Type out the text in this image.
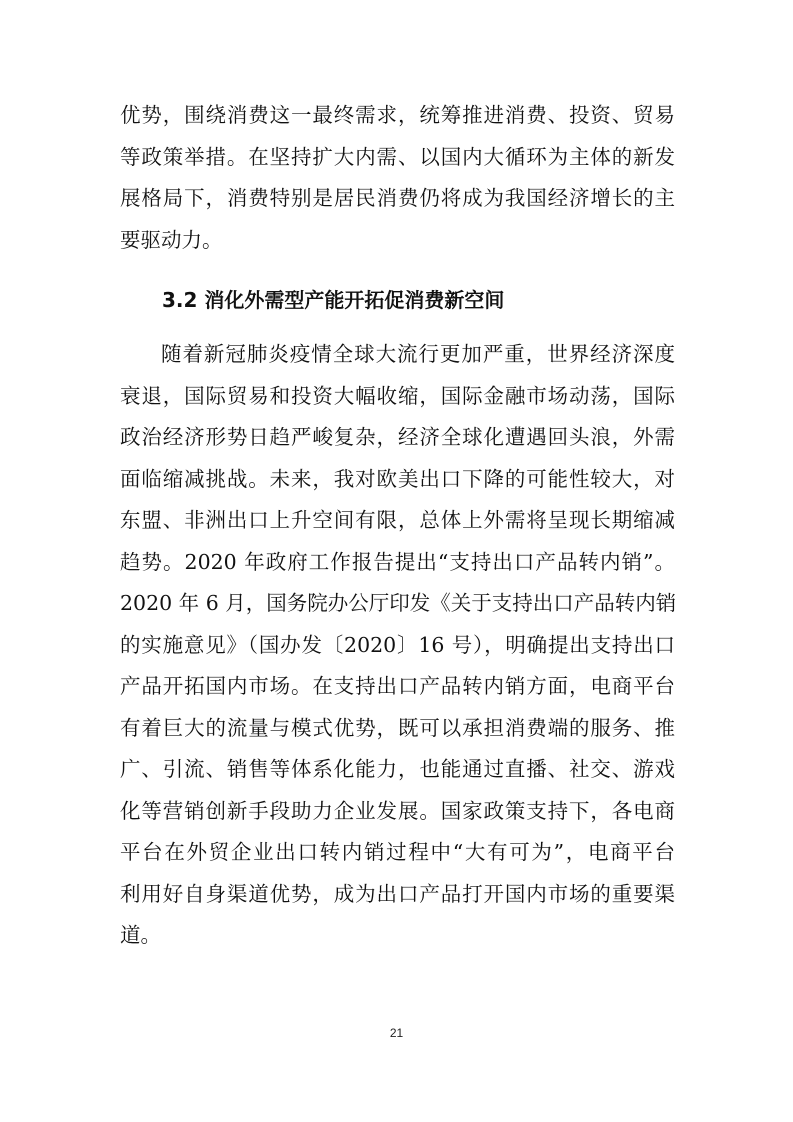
优势，围绕消费这一最终需求，统筹推进消费、投资、贸易
等政策举措。在坚持扩大内需、以国内大循环为主体的新发
展格局下，消费特别是居民消费仍将成为我国经济增长的主
要驱动力。
3.2 消化外需型产能开拓促消费新空间
随着新冠肺炎疫情全球大流行更加严重，世界经济深度
衰退，国际贸易和投资大幅收缩，国际金融市场动荡，国际
政治经济形势日趋严峻复杂，经济全球化遭遇回头浪，外需
面临缩减挑战。未来，我对欧美出口下降的可能性较大，对
东盟、非洲出口上升空间有限，总体上外需将呈现长期缩减
趋势。2020 年政府工作报告提出“支持出口产品转内销”。
2020 年 6 月，国务院办公厅印发《关于支持出口产品转内销
的实施意见》（国办发〔2020〕16 号），明确提出支持出口
产品开拓国内市场。在支持出口产品转内销方面，电商平台
有着巨大的流量与模式优势，既可以承担消费端的服务、推
广、引流、销售等体系化能力，也能通过直播、社交、游戏
化等营销创新手段助力企业发展。国家政策支持下，各电商
平台在外贸企业出口转内销过程中“大有可为”，电商平台
利用好自身渠道优势，成为出口产品打开国内市场的重要渠
道。
21
